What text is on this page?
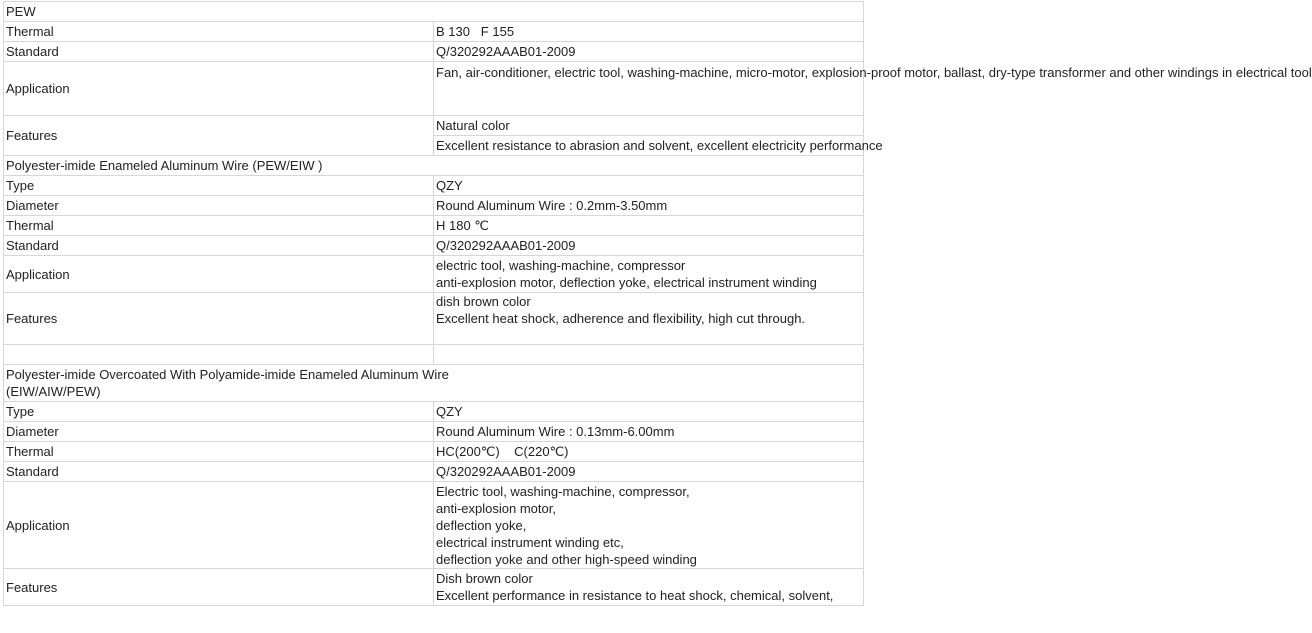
PEW	
Thermal	B 130   F 155
Standard	Q/320292AAAB01-2009
Application	Fan, air-conditioner, electric tool, washing-machine, micro-motor, explosion-proof motor, ballast, dry-type transformer and other windings in electrical tool
Features	Natural color
	Excellent resistance to abrasion and solvent, excellent electricity performance
Polyester-imide Enameled Aluminum Wire (PEW/EIW )	
Type	QZY
Diameter	Round Aluminum Wire : 0.2mm-3.50mm
Thermal	H 180 ℃
Standard	Q/320292AAAB01-2009
Application	electric tool, washing-machine, compressor
anti-explosion motor, deflection yoke, electrical instrument winding

Features	dish brown color
Excellent heat shock, adherence and flexibility, high cut through.

Polyester-imide Overcoated With Polyamide-imide Enameled Aluminum Wire
(EIW/AIW/PEW)	

Type	QZY
Diameter	Round Aluminum Wire : 0.13mm-6.00mm
Thermal	HC(200℃)    C(220℃)
Standard	Q/320292AAAB01-2009
Application	Electric tool, washing-machine, compressor,
anti-explosion motor,
deflection yoke,
electrical instrument winding etc,
deflection yoke and other high-speed winding

Features	Dish brown color
Excellent performance in resistance to heat shock, chemical, solvent,
